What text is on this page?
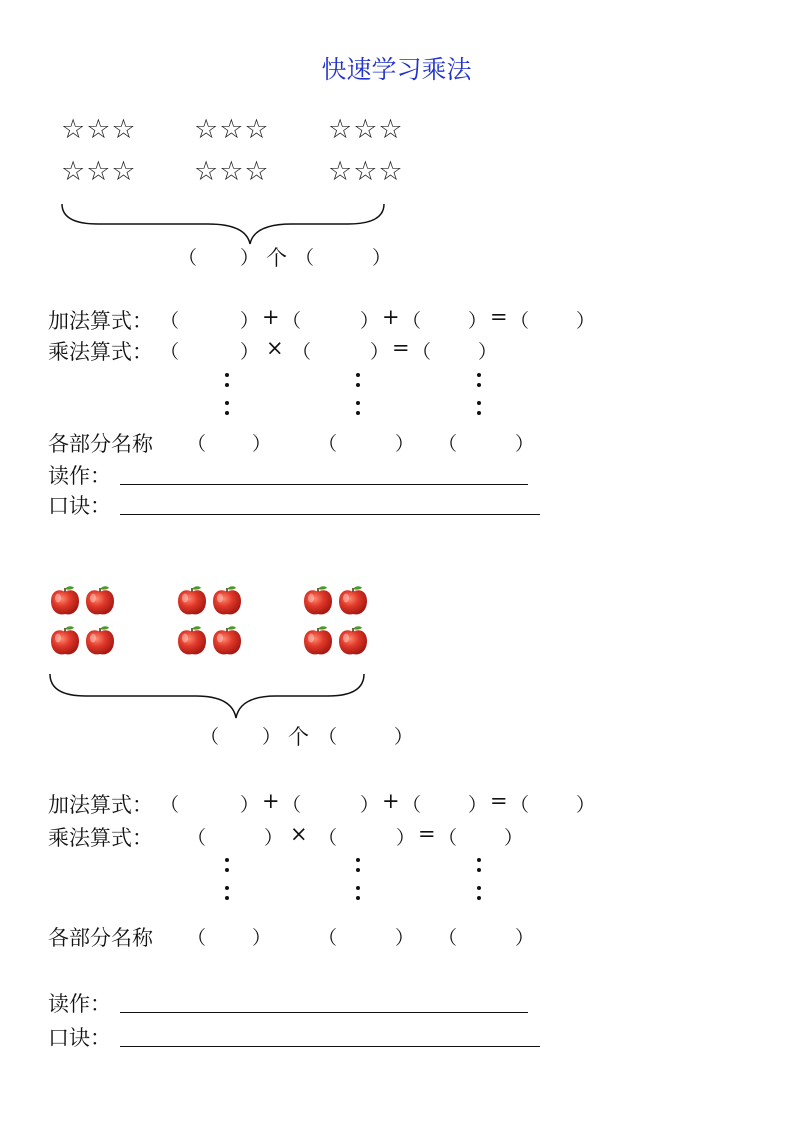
快速学习乘法
☆☆☆ ☆☆☆ ☆☆☆
☆☆☆ ☆☆☆ ☆☆☆
（ ） 个 （	）
加法算式： （	） + （	） + （ ） = （ ）
乘法算式： （	） × （	） = （ ）
各部分名称 （ ） （	） （	）
读作：
口诀：
（ ） 个 （	）
加法算式： （	） + （	） + （ ） = （ ）
乘法算式： （	） × （	） = （ ）
各部分名称 （ ） （	） （	）
读作：
口诀：
